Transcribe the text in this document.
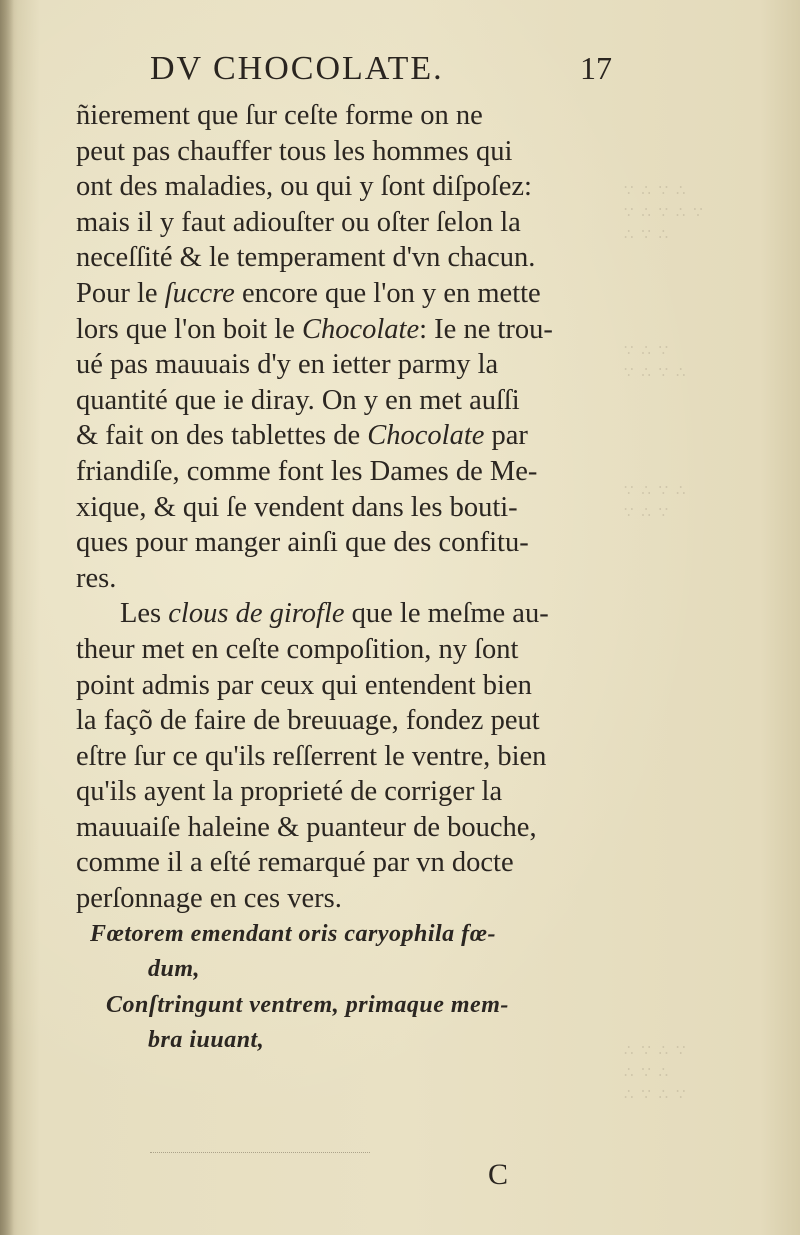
∴ ∵ ∴ ∵
∵ ∴ ∵ ∴ ∵
∴ ∵ ∴
∵ ∴ ∵
∴ ∵ ∴ ∵
∴ ∵ ∴ ∵
∵ ∴ ∵
∵ ∴ ∵ ∴
∴ ∵ ∴
∵ ∴ ∵ ∴
DV CHOCOLATE.	17
ñierement que ſur ceſte forme on ne
peut pas chauffer tous les hommes qui
ont des maladies, ou qui y ſont diſpoſez:
mais il y faut adiouſter ou oſter ſelon la
neceſſité & le temperament d'vn chacun.
Pour le ſuccre encore que l'on y en mette
lors que l'on boit le Chocolate: Ie ne trou-
ué pas mauuais d'y en ietter parmy la
quantité que ie diray. On y en met auſſi
& fait on des tablettes de Chocolate par
friandiſe, comme font les Dames de Me-
xique, & qui ſe vendent dans les bouti-
ques pour manger ainſi que des confitu-
res.
Les clous de girofle que le meſme au-
theur met en ceſte compoſition, ny ſont
point admis par ceux qui entendent bien
la façõ de faire de breuuage, fondez peut
eſtre ſur ce qu'ils reſſerrent le ventre, bien
qu'ils ayent la proprieté de corriger la
mauuaiſe haleine & puanteur de bouche,
comme il a eſté remarqué par vn docte
perſonnage en ces vers.
Fœtorem emendant oris caryophila fœ-
dum,
Conſtringunt ventrem, primaque mem-
bra iuuant,
C
